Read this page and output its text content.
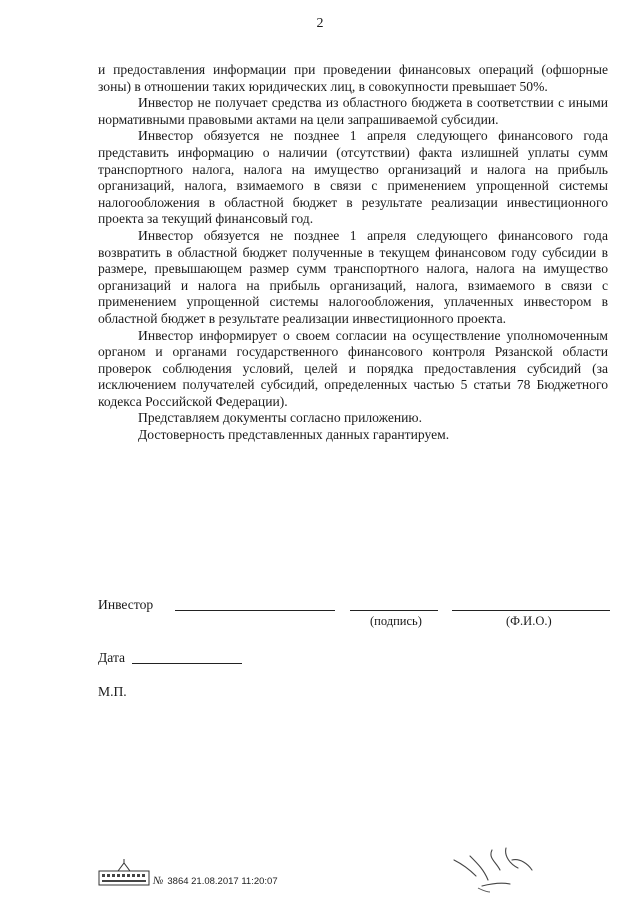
2

и предоставления информации при проведении финансовых операций (офшорные зоны) в отношении таких юридических лиц, в совокупности превышает 50%.

Инвестор не получает средства из областного бюджета в соответствии с иными нормативными правовыми актами на цели запрашиваемой субсидии.

Инвестор обязуется не позднее 1 апреля следующего финансового года представить информацию о наличии (отсутствии) факта излишней уплаты сумм транспортного налога, налога на имущество организаций и налога на прибыль организаций, налога, взимаемого в связи с применением упрощенной системы налогообложения в областной бюджет в результате реализации инвестиционного проекта за текущий финансовый год.

Инвестор обязуется не позднее 1 апреля следующего финансового года возвратить в областной бюджет полученные в текущем финансовом году субсидии в размере, превышающем размер сумм транспортного налога, налога на имущество организаций и налога на прибыль организаций, налога, взимаемого в связи с применением упрощенной системы налогообложения, уплаченных инвестором в областной бюджет в результате реализации инвестиционного проекта.

Инвестор информирует о своем согласии на осуществление уполномоченным органом и органами государственного финансового контроля Рязанской области проверок соблюдения условий, целей и порядка предоставления субсидий (за исключением получателей субсидий, определенных частью 5 статьи 78 Бюджетного кодекса Российской Федерации).

Представляем документы согласно приложению.

Достоверность представленных данных гарантируем.

Инвестор
(подпись)	(Ф.И.О.)
Дата
М.П.
№ 3864 21.08.2017 11:20:07
